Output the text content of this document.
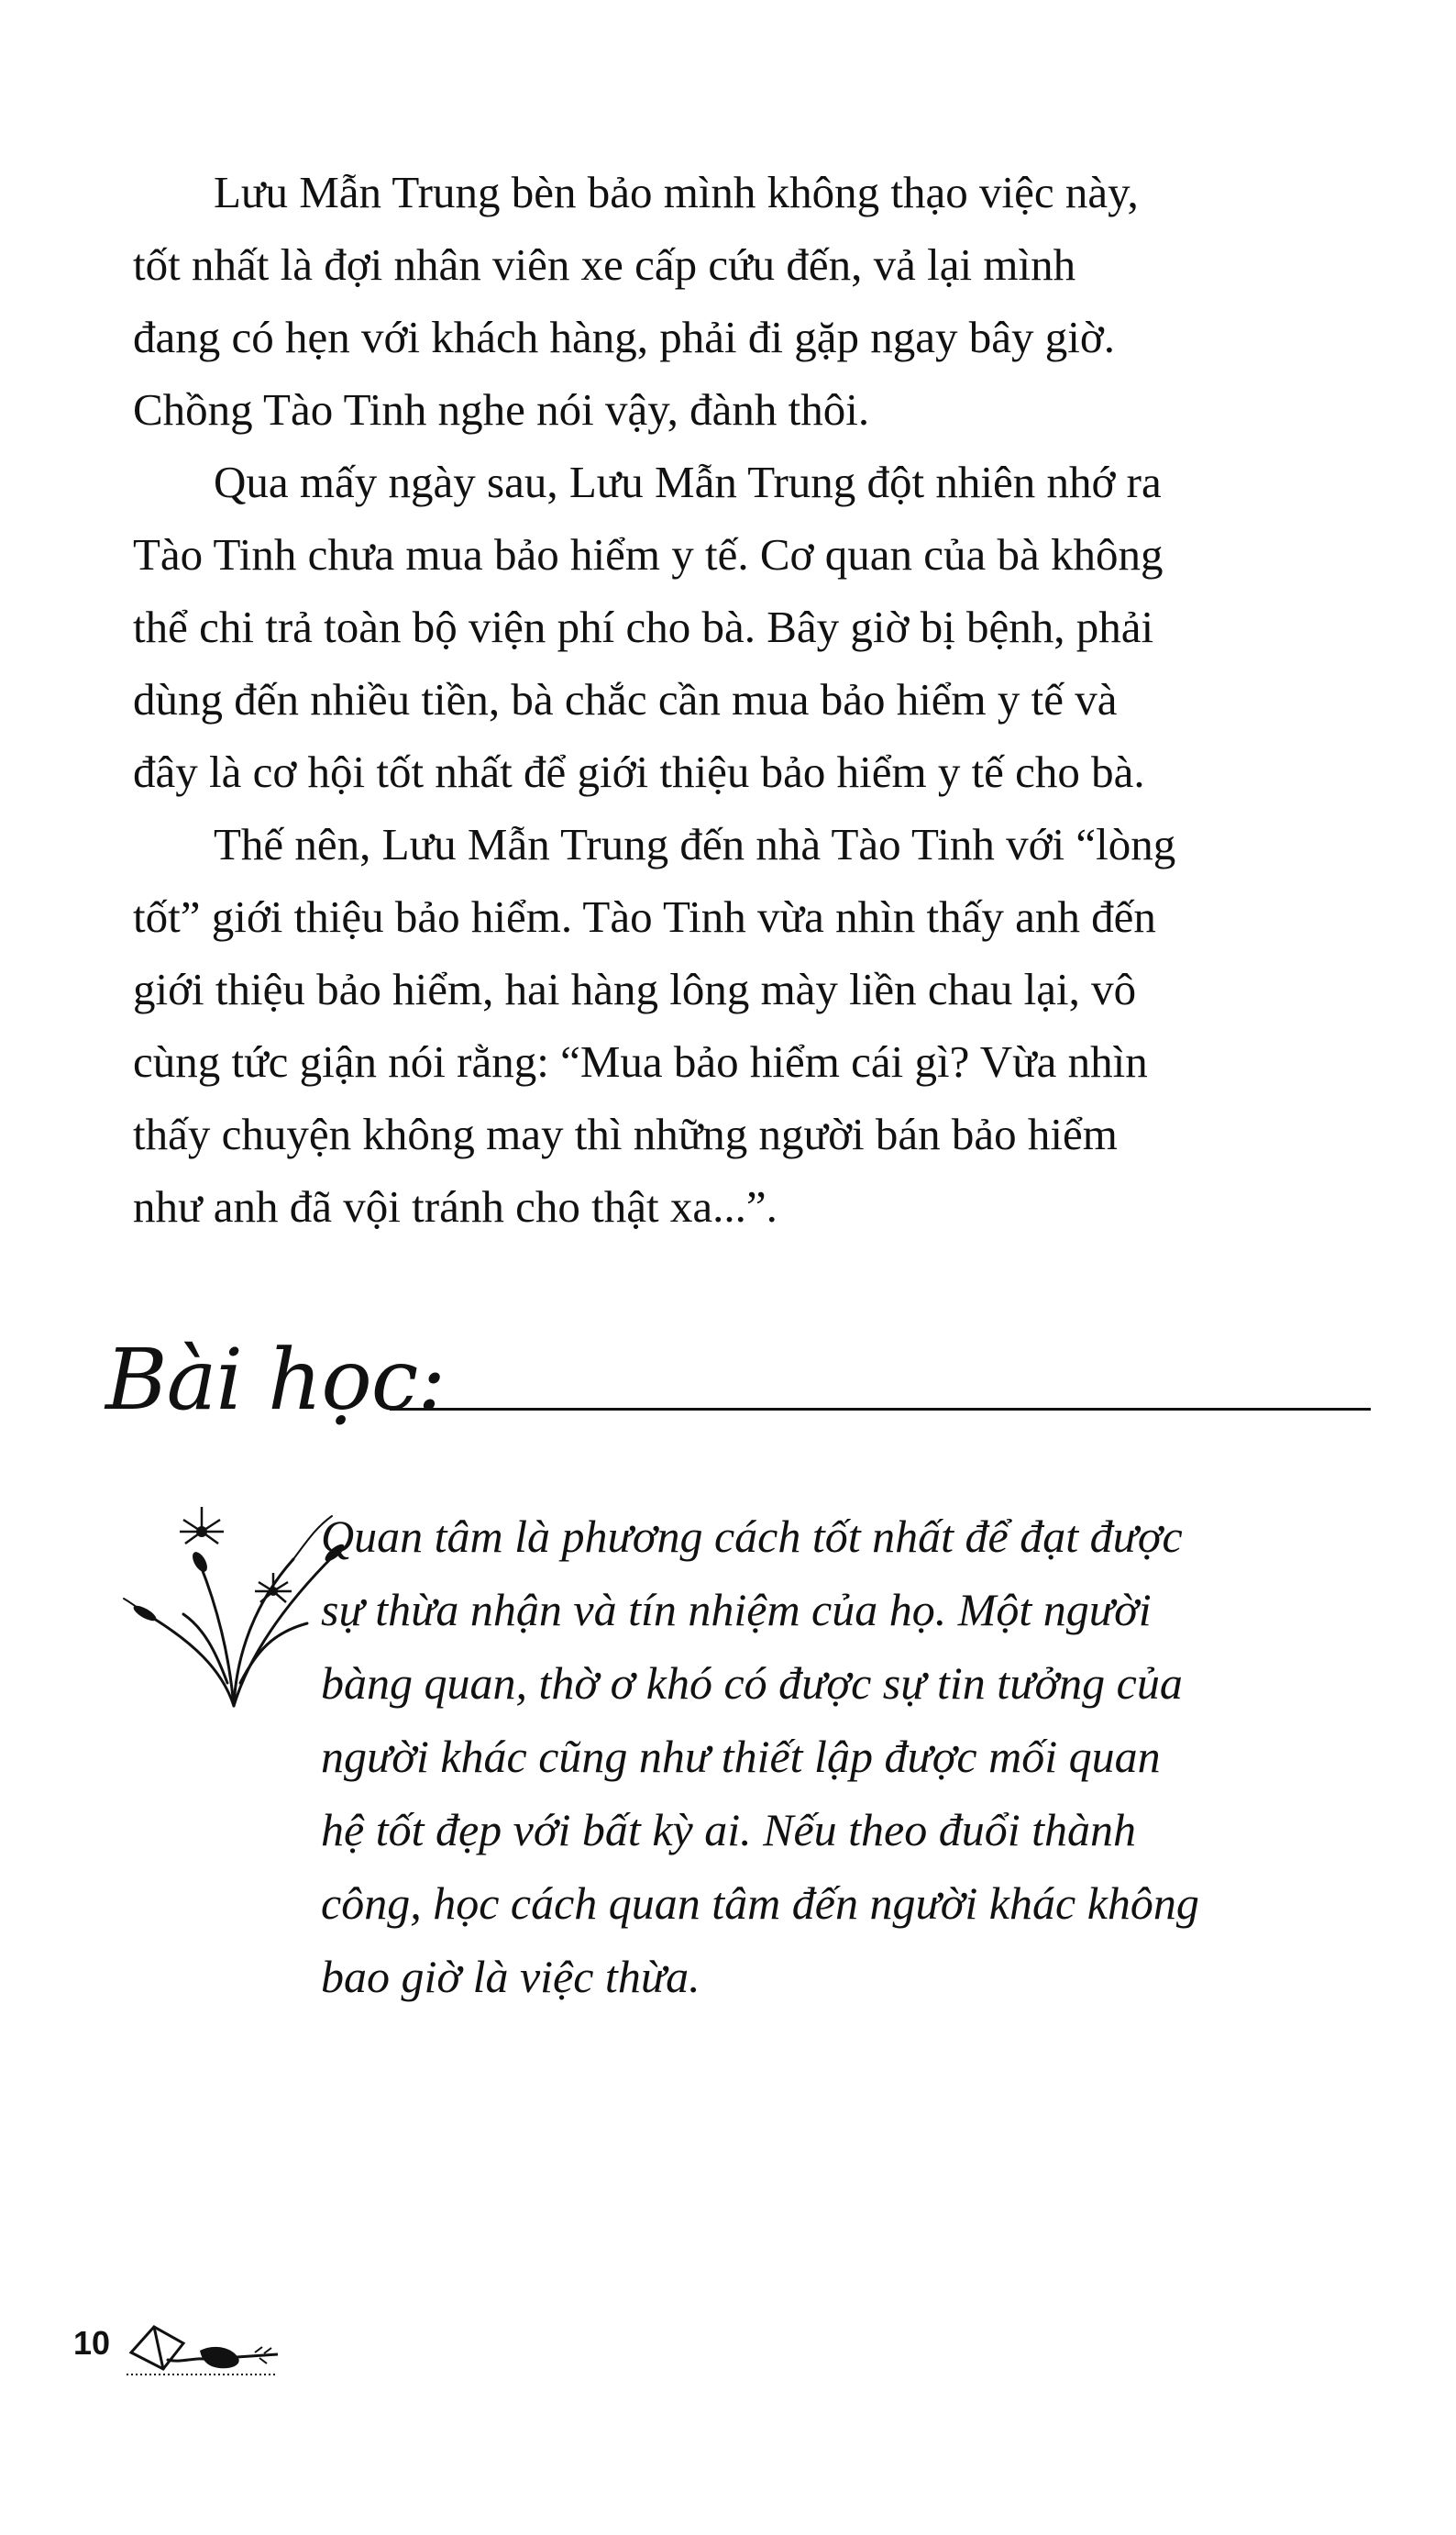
Lưu Mẫn Trung bèn bảo mình không thạo việc này,
tốt nhất là đợi nhân viên xe cấp cứu đến, vả lại mình
đang có hẹn với khách hàng, phải đi gặp ngay bây giờ.
Chồng Tào Tinh nghe nói vậy, đành thôi.

Qua mấy ngày sau, Lưu Mẫn Trung đột nhiên nhớ ra
Tào Tinh chưa mua bảo hiểm y tế. Cơ quan của bà không
thể chi trả toàn bộ viện phí cho bà. Bây giờ bị bệnh, phải
dùng đến nhiều tiền, bà chắc cần mua bảo hiểm y tế và
đây là cơ hội tốt nhất để giới thiệu bảo hiểm y tế cho bà.

Thế nên, Lưu Mẫn Trung đến nhà Tào Tinh với “lòng
tốt” giới thiệu bảo hiểm. Tào Tinh vừa nhìn thấy anh đến
giới thiệu bảo hiểm, hai hàng lông mày liền chau lại, vô
cùng tức giận nói rằng: “Mua bảo hiểm cái gì? Vừa nhìn
thấy chuyện không may thì những người bán bảo hiểm
như anh đã vội tránh cho thật xa...”.

Bài học:
Quan tâm là phương cách tốt nhất để đạt được
sự thừa nhận và tín nhiệm của họ. Một người
bàng quan, thờ ơ khó có được sự tin tưởng của
người khác cũng như thiết lập được mối quan
hệ tốt đẹp với bất kỳ ai. Nếu theo đuổi thành
công, học cách quan tâm đến người khác không
bao giờ là việc thừa.
10
